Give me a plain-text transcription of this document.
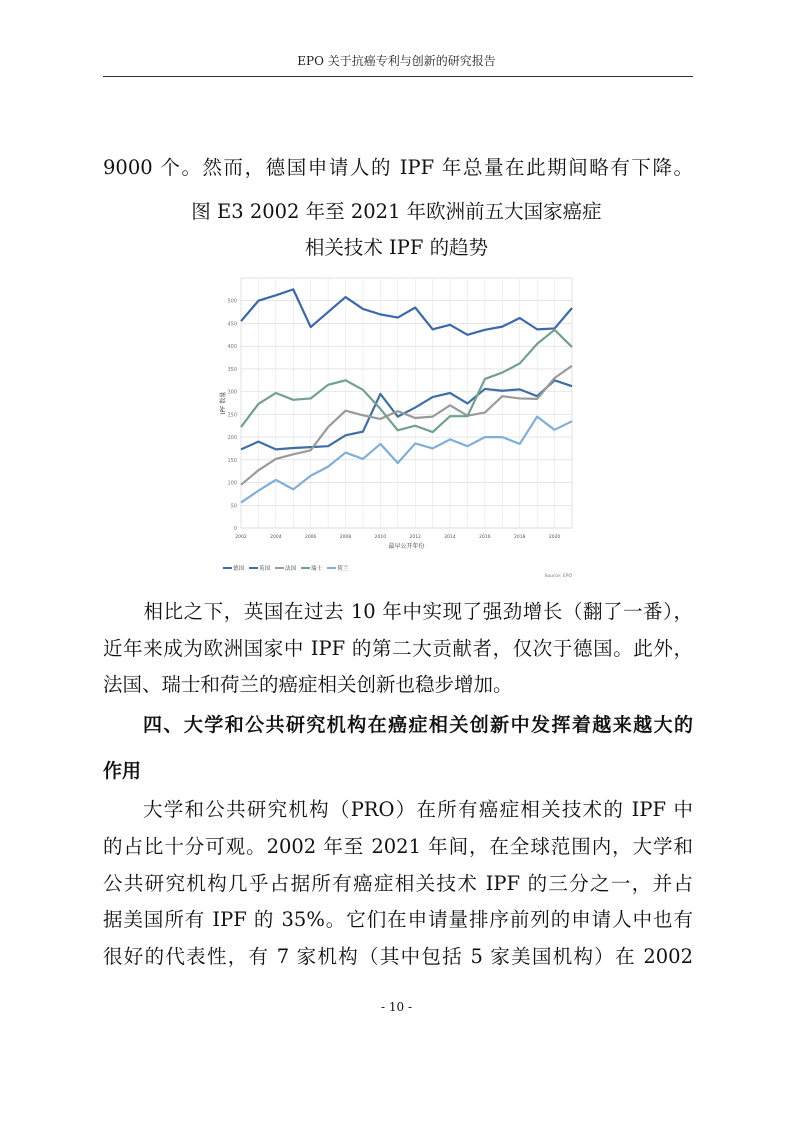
EPO 关于抗癌专利与创新的研究报告
9000 个。然而，德国申请人的 IPF 年总量在此期间略有下降。
图 E3 2002 年至 2021 年欧洲前五大国家癌症
相关技术 IPF 的趋势
0
50
100
150
200
250
300
350
400
450
500
2002	2004	2006	2008	2010	2012	2014	2016	2018	2020
IPF 数量
最早公开年份
德国	英国	法国	瑞士	荷兰
Source: EPO
相比之下，英国在过去 10 年中实现了强劲增长（翻了一番），
近年来成为欧洲国家中 IPF 的第二大贡献者，仅次于德国。此外，
法国、瑞士和荷兰的癌症相关创新也稳步增加。
四、大学和公共研究机构在癌症相关创新中发挥着越来越大的
作用
大学和公共研究机构（PRO）在所有癌症相关技术的 IPF 中
的占比十分可观。2002 年至 2021 年间，在全球范围内，大学和
公共研究机构几乎占据所有癌症相关技术 IPF 的三分之一，并占
据美国所有 IPF 的 35%。它们在申请量排序前列的申请人中也有
很好的代表性，有 7 家机构（其中包括 5 家美国机构）在 2002
- 10 -
